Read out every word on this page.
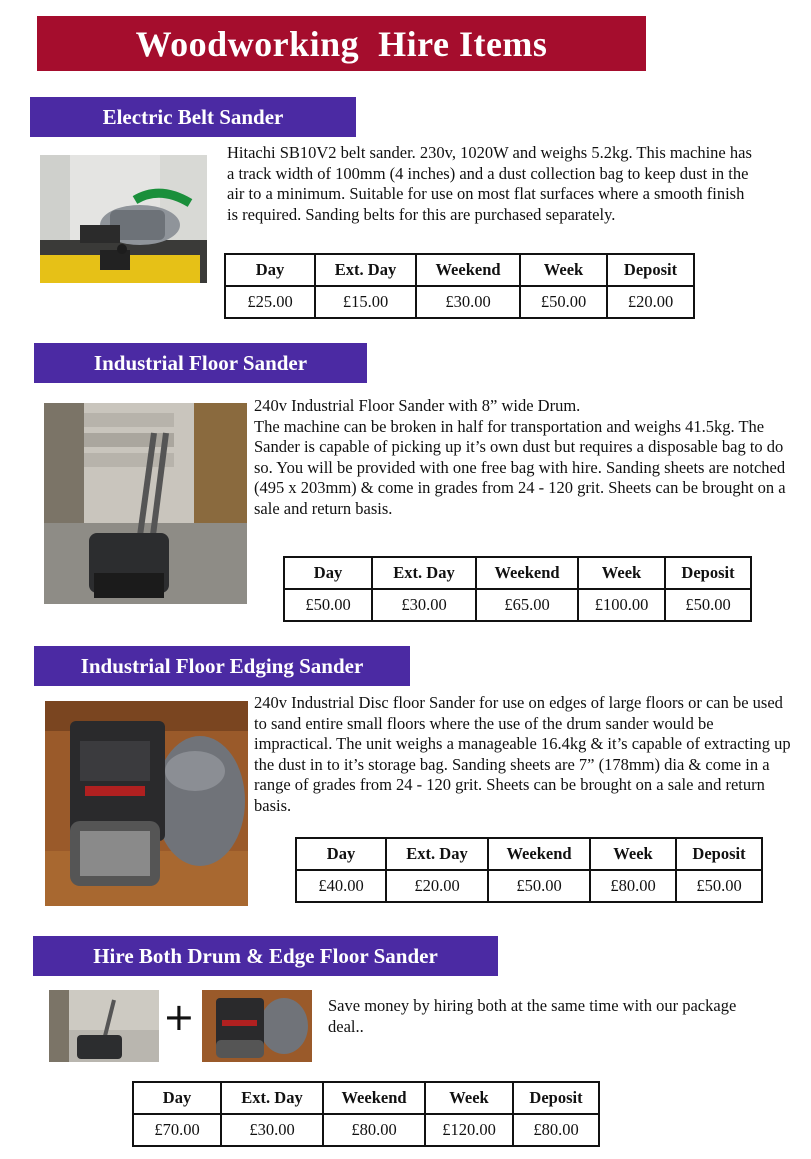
Woodworking  Hire Items
Electric Belt Sander
Hitachi SB10V2 belt sander. 230v, 1020W and weighs 5.2kg. This machine has a track width of 100mm (4 inches) and a dust collection bag to keep dust in the air to a minimum. Suitable for use on most flat surfaces where a smooth finish is required. Sanding belts for this are purchased separately.
Day	Ext. Day	Weekend	Week	Deposit
£25.00	£15.00	£30.00	£50.00	£20.00
Industrial Floor Sander
240v Industrial Floor Sander with 8” wide Drum.
The machine can be broken in half for transportation and weighs 41.5kg. The Sander is capable of picking up it’s own dust but requires a disposable bag to do so. You will be provided with one free bag with hire. Sanding sheets are notched (495 x 203mm) & come in grades from 24 - 120 grit. Sheets can be brought on a sale and return basis.
Day	Ext. Day	Weekend	Week	Deposit
£50.00	£30.00	£65.00	£100.00	£50.00
Industrial Floor Edging Sander
240v Industrial Disc floor Sander for use on edges of large floors or can be used to sand entire small floors where the use of the drum sander would be impractical. The unit weighs a manageable 16.4kg & it’s capable of extracting up the dust in to it’s storage bag. Sanding sheets are 7” (178mm) dia & come in a range of grades from 24 - 120 grit. Sheets can be brought on a sale and return basis.
Day	Ext. Day	Weekend	Week	Deposit
£40.00	£20.00	£50.00	£80.00	£50.00
Hire Both Drum & Edge Floor Sander
+	Save money by hiring both at the same time with our package deal..
Day	Ext. Day	Weekend	Week	Deposit
£70.00	£30.00	£80.00	£120.00	£80.00
